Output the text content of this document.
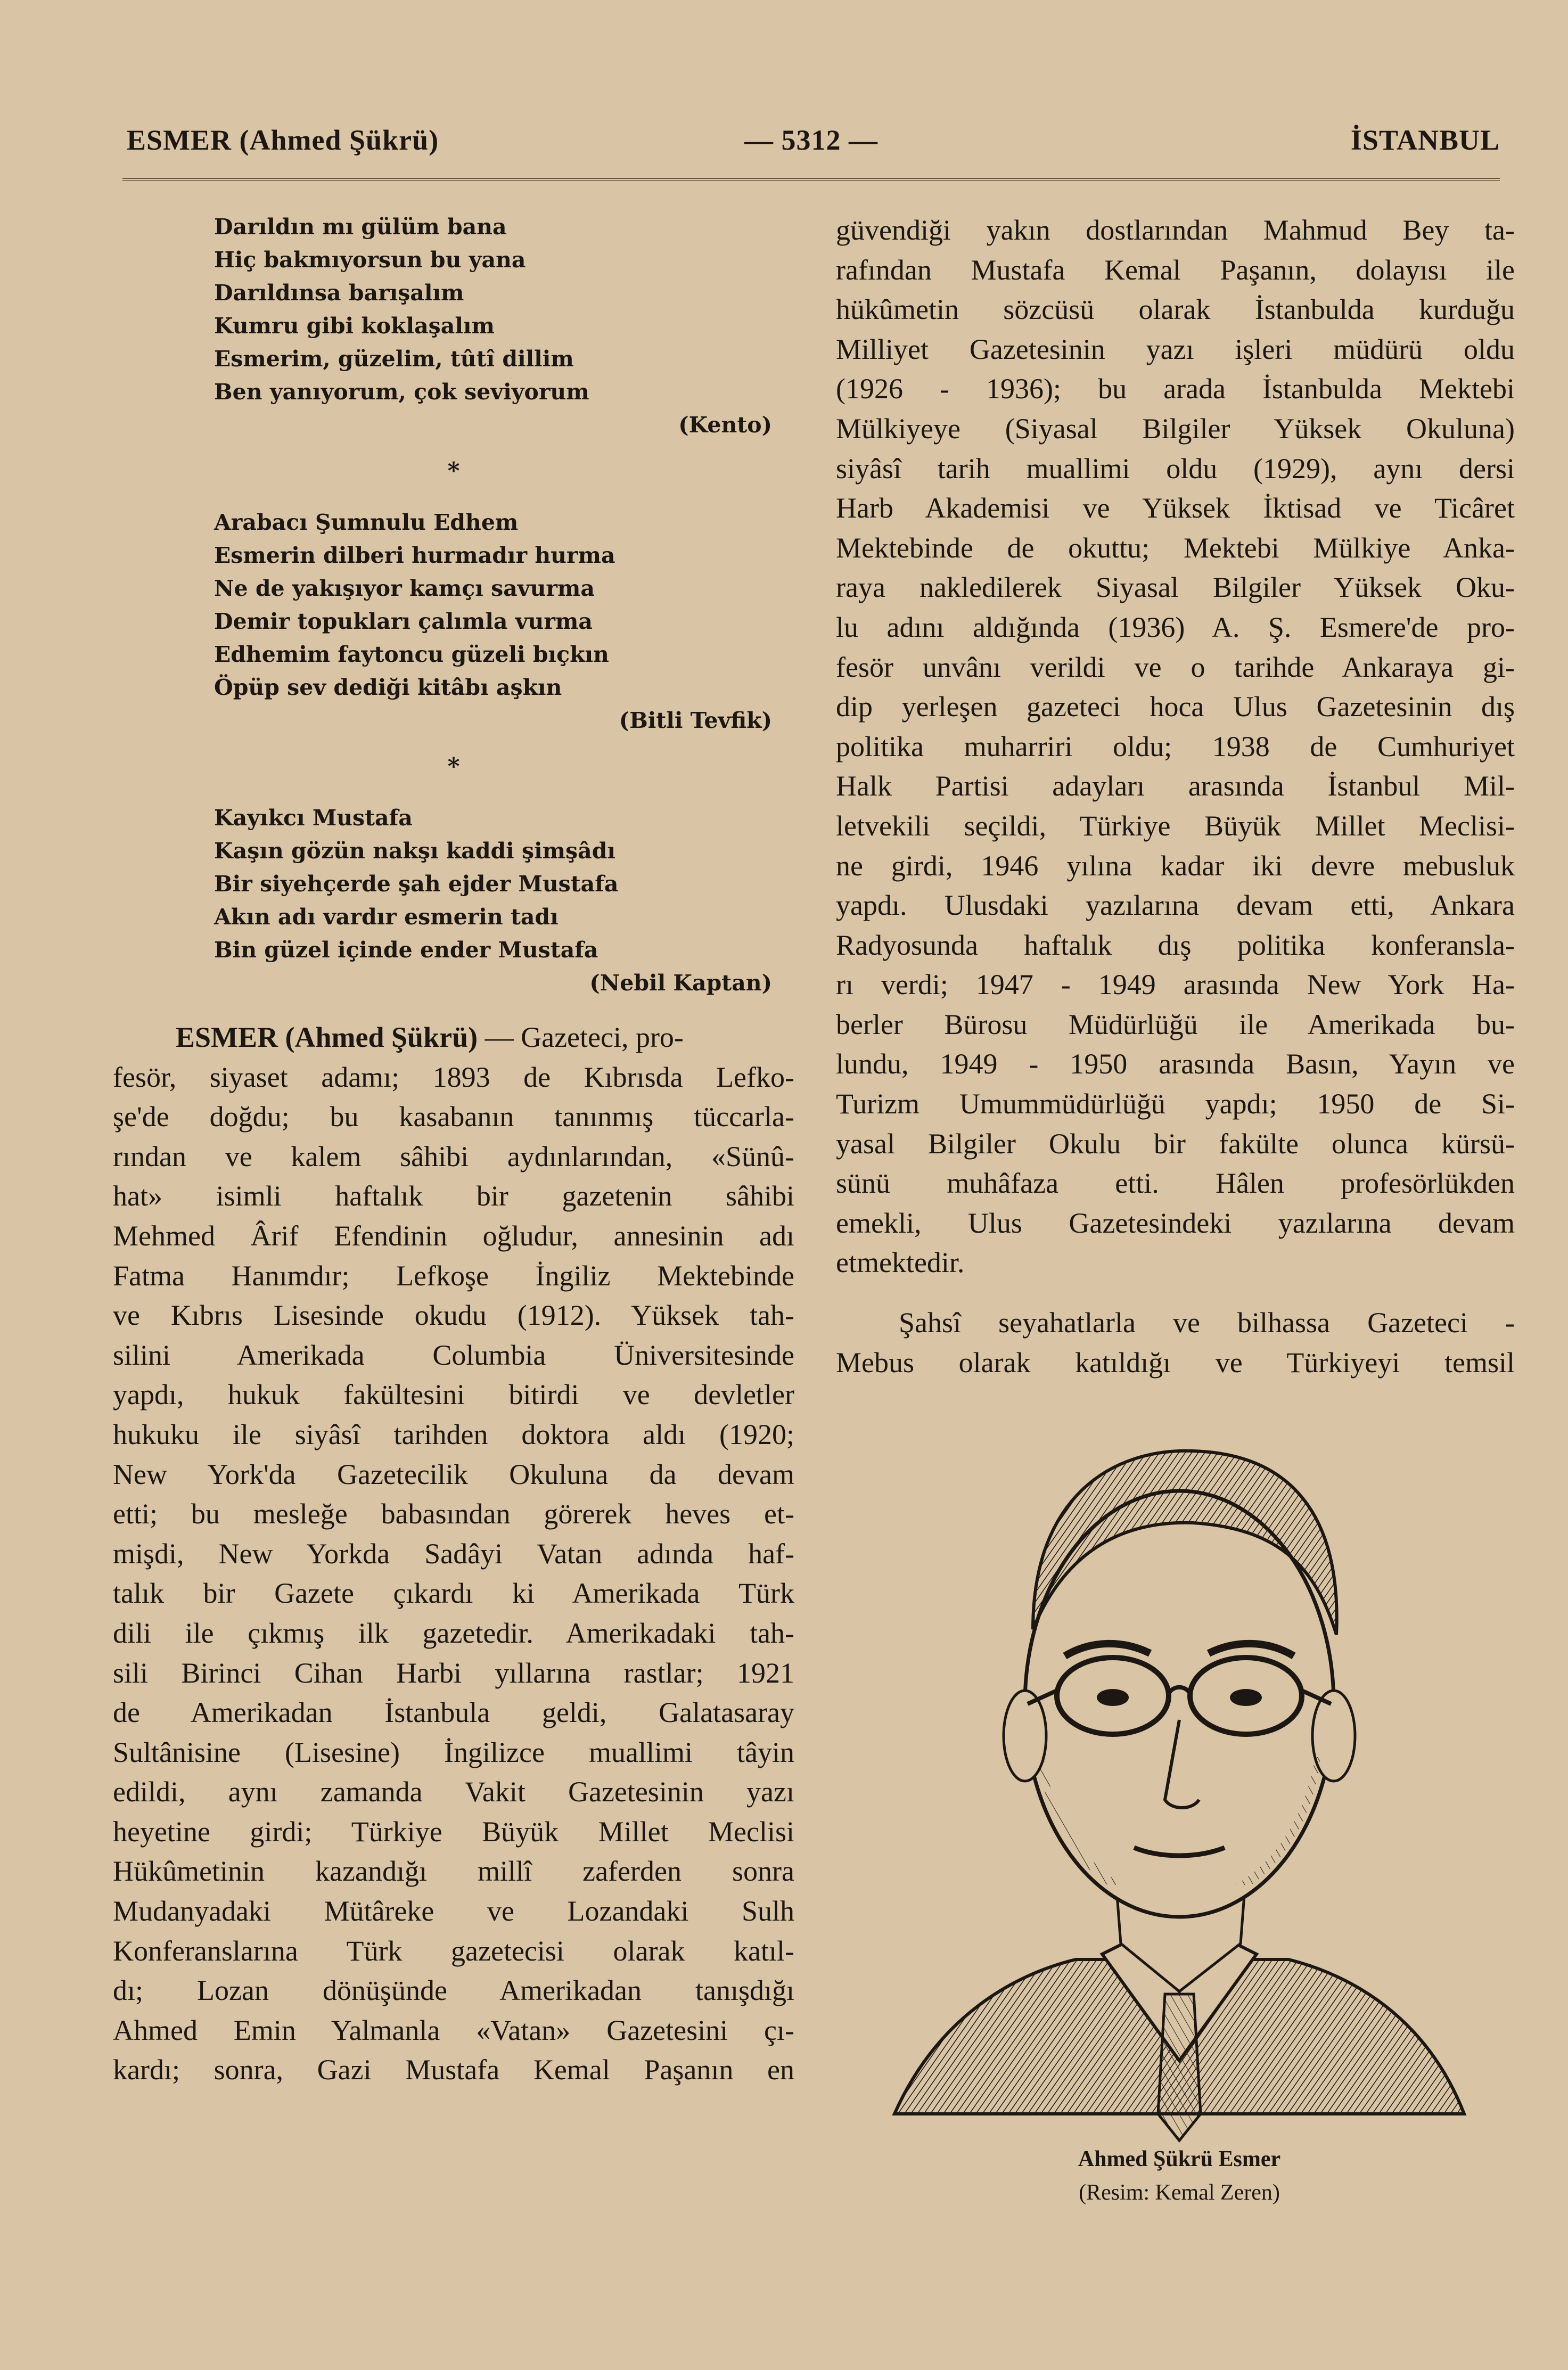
ESMER (Ahmed Şükrü)	— 5312 —	İSTANBUL
Darıldın mı gülüm bana
Hiç bakmıyorsun bu yana
Darıldınsa barışalım
Kumru gibi koklaşalım
Esmerim, güzelim, tûtî dillim
Ben yanıyorum, çok seviyorum
(Kento)
*
Arabacı Şumnulu Edhem
Esmerin dilberi hurmadır hurma
Ne de yakışıyor kamçı savurma
Demir topukları çalımla vurma
Edhemim faytoncu güzeli bıçkın
Öpüp sev dediği kitâbı aşkın
(Bitli Tevfik)
*
Kayıkcı Mustafa
Kaşın gözün nakşı kaddi şimşâdı
Bir siyehçerde şah ejder Mustafa
Akın adı vardır esmerin tadı
Bin güzel içinde ender Mustafa
(Nebil Kaptan)
ESMER (Ahmed Şükrü) — Gazeteci, pro-
fesör, siyaset adamı; 1893 de Kıbrısda Lefko-
şe'de doğdu; bu kasabanın tanınmış tüccarla-
rından ve kalem sâhibi aydınlarından, «Sünû-
hat» isimli haftalık bir gazetenin sâhibi
Mehmed Ârif Efendinin oğludur, annesinin adı
Fatma Hanımdır; Lefkoşe İngiliz Mektebinde
ve Kıbrıs Lisesinde okudu (1912). Yüksek tah-
silini Amerikada Columbia Üniversitesinde
yapdı, hukuk fakültesini bitirdi ve devletler
hukuku ile siyâsî tarihden doktora aldı (1920;
New York'da Gazetecilik Okuluna da devam
etti; bu mesleğe babasından görerek heves et-
mişdi, New Yorkda Sadâyi Vatan adında haf-
talık bir Gazete çıkardı ki Amerikada Türk
dili ile çıkmış ilk gazetedir. Amerikadaki tah-
sili Birinci Cihan Harbi yıllarına rastlar; 1921
de Amerikadan İstanbula geldi, Galatasaray
Sultânisine (Lisesine) İngilizce muallimi tâyin
edildi, aynı zamanda Vakit Gazetesinin yazı
heyetine girdi; Türkiye Büyük Millet Meclisi
Hükûmetinin kazandığı millî zaferden sonra
Mudanyadaki Mütâreke ve Lozandaki Sulh
Konferanslarına Türk gazetecisi olarak katıl-
dı; Lozan dönüşünde Amerikadan tanışdığı
Ahmed Emin Yalmanla «Vatan» Gazetesini çı-
kardı; sonra, Gazi Mustafa Kemal Paşanın en
güvendiği yakın dostlarından Mahmud Bey ta-
rafından Mustafa Kemal Paşanın, dolayısı ile
hükûmetin sözcüsü olarak İstanbulda kurduğu
Milliyet Gazetesinin yazı işleri müdürü oldu
(1926 - 1936); bu arada İstanbulda Mektebi
Mülkiyeye (Siyasal Bilgiler Yüksek Okuluna)
siyâsî tarih muallimi oldu (1929), aynı dersi
Harb Akademisi ve Yüksek İktisad ve Ticâret
Mektebinde de okuttu; Mektebi Mülkiye Anka-
raya nakledilerek Siyasal Bilgiler Yüksek Oku-
lu adını aldığında (1936) A. Ş. Esmere'de pro-
fesör unvânı verildi ve o tarihde Ankaraya gi-
dip yerleşen gazeteci hoca Ulus Gazetesinin dış
politika muharriri oldu; 1938 de Cumhuriyet
Halk Partisi adayları arasında İstanbul Mil-
letvekili seçildi, Türkiye Büyük Millet Meclisi-
ne girdi, 1946 yılına kadar iki devre mebusluk
yapdı. Ulusdaki yazılarına devam etti, Ankara
Radyosunda haftalık dış politika konferansla-
rı verdi; 1947 - 1949 arasında New York Ha-
berler Bürosu Müdürlüğü ile Amerikada bu-
lundu, 1949 - 1950 arasında Basın, Yayın ve
Turizm Umummüdürlüğü yapdı; 1950 de Si-
yasal Bilgiler Okulu bir fakülte olunca kürsü-
sünü muhâfaza etti. Hâlen profesörlükden
emekli, Ulus Gazetesindeki yazılarına devam
etmektedir.
Şahsî seyahatlarla ve bilhassa Gazeteci -
Mebus olarak katıldığı ve Türkiyeyi temsil
Ahmed Şükrü Esmer
(Resim: Kemal Zeren)
